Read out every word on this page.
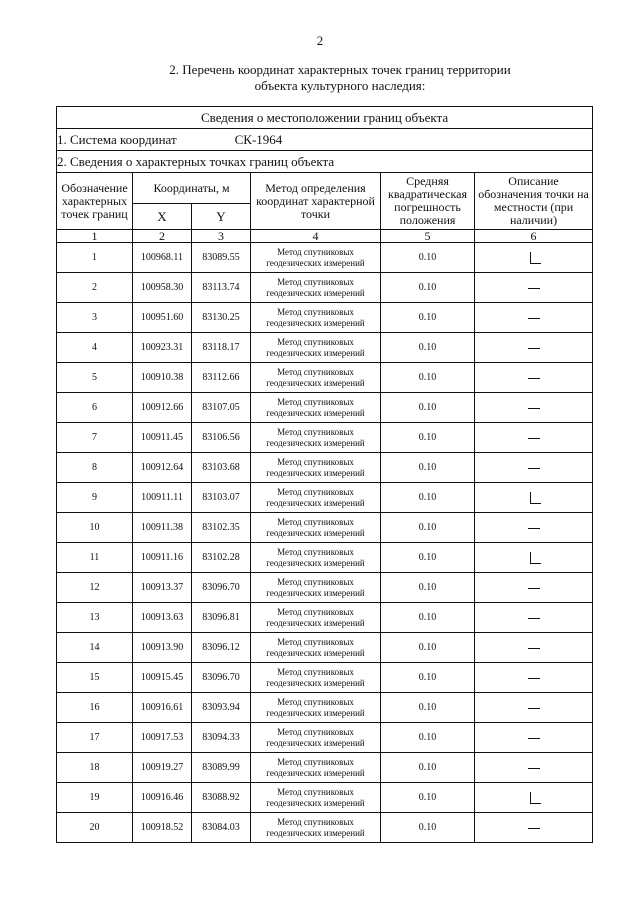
2
2. Перечень координат характерных точек границ территории
объекта культурного наследия:
Сведения о местоположении границ объекта					
1. Система координат СК-1964					
2. Сведения о характерных точках границ объекта					
Обозначение характерных точек границ	Координаты, м		Метод определения координат характерной точки	Средняя квадратическая погрешность положения	Описание обозначения точки на местности (при наличии)
	X	Y			
1	2	3	4	5	6
1	100968.11	83089.55	Метод спутниковых
геодезических измерений	0.10	
2	100958.30	83113.74	Метод спутниковых
геодезических измерений	0.10	
3	100951.60	83130.25	Метод спутниковых
геодезических измерений	0.10	
4	100923.31	83118.17	Метод спутниковых
геодезических измерений	0.10	
5	100910.38	83112.66	Метод спутниковых
геодезических измерений	0.10	
6	100912.66	83107.05	Метод спутниковых
геодезических измерений	0.10	
7	100911.45	83106.56	Метод спутниковых
геодезических измерений	0.10	
8	100912.64	83103.68	Метод спутниковых
геодезических измерений	0.10	
9	100911.11	83103.07	Метод спутниковых
геодезических измерений	0.10	
10	100911.38	83102.35	Метод спутниковых
геодезических измерений	0.10	
11	100911.16	83102.28	Метод спутниковых
геодезических измерений	0.10	
12	100913.37	83096.70	Метод спутниковых
геодезических измерений	0.10	
13	100913.63	83096.81	Метод спутниковых
геодезических измерений	0.10	
14	100913.90	83096.12	Метод спутниковых
геодезических измерений	0.10	
15	100915.45	83096.70	Метод спутниковых
геодезических измерений	0.10	
16	100916.61	83093.94	Метод спутниковых
геодезических измерений	0.10	
17	100917.53	83094.33	Метод спутниковых
геодезических измерений	0.10	
18	100919.27	83089.99	Метод спутниковых
геодезических измерений	0.10	
19	100916.46	83088.92	Метод спутниковых
геодезических измерений	0.10	
20	100918.52	83084.03	Метод спутниковых
геодезических измерений	0.10	
